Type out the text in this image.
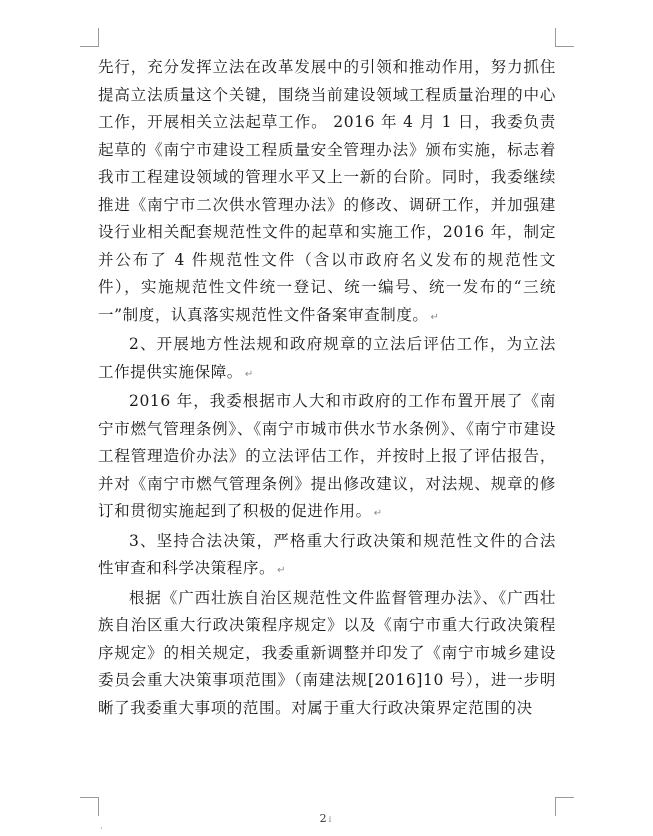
先行，充分发挥立法在改革发展中的引领和推动作用，努力抓住提高立法质量这个关键，围绕当前建设领域工程质量治理的中心工作，开展相关立法起草工作。 2016 年 4 月 1 日，我委负责起草的《南宁市建设工程质量安全管理办法》颁布实施，标志着我市工程建设领域的管理水平又上一新的台阶。同时，我委继续推进《南宁市二次供水管理办法》的修改、调研工作，并加强建设行业相关配套规范性文件的起草和实施工作，2016 年，制定并公布了 4 件规范性文件（含以市政府名义发布的规范性文件），实施规范性文件统一登记、统一编号、统一发布的“三统一”制度，认真落实规范性文件备案审查制度。 ↵

2、开展地方性法规和政府规章的立法后评估工作，为立法工作提供实施保障。 ↵

2016 年，我委根据市人大和市政府的工作布置开展了《南宁市燃气管理条例》、《南宁市城市供水节水条例》、《南宁市建设工程管理造价办法》的立法评估工作，并按时上报了评估报告，并对《南宁市燃气管理条例》提出修改建议，对法规、规章的修订和贯彻实施起到了积极的促进作用。 ↵

3、坚持合法决策，严格重大行政决策和规范性文件的合法性审查和科学决策程序。 ↵

根据《广西壮族自治区规范性文件监督管理办法》、《广西壮族自治区重大行政决策程序规定》以及《南宁市重大行政决策程序规定》的相关规定，我委重新调整并印发了《南宁市城乡建设委员会重大决策事项范围》（南建法规[2016]10 号），进一步明晰了我委重大事项的范围。对属于重大行政决策界定范围的决

2↓
·
